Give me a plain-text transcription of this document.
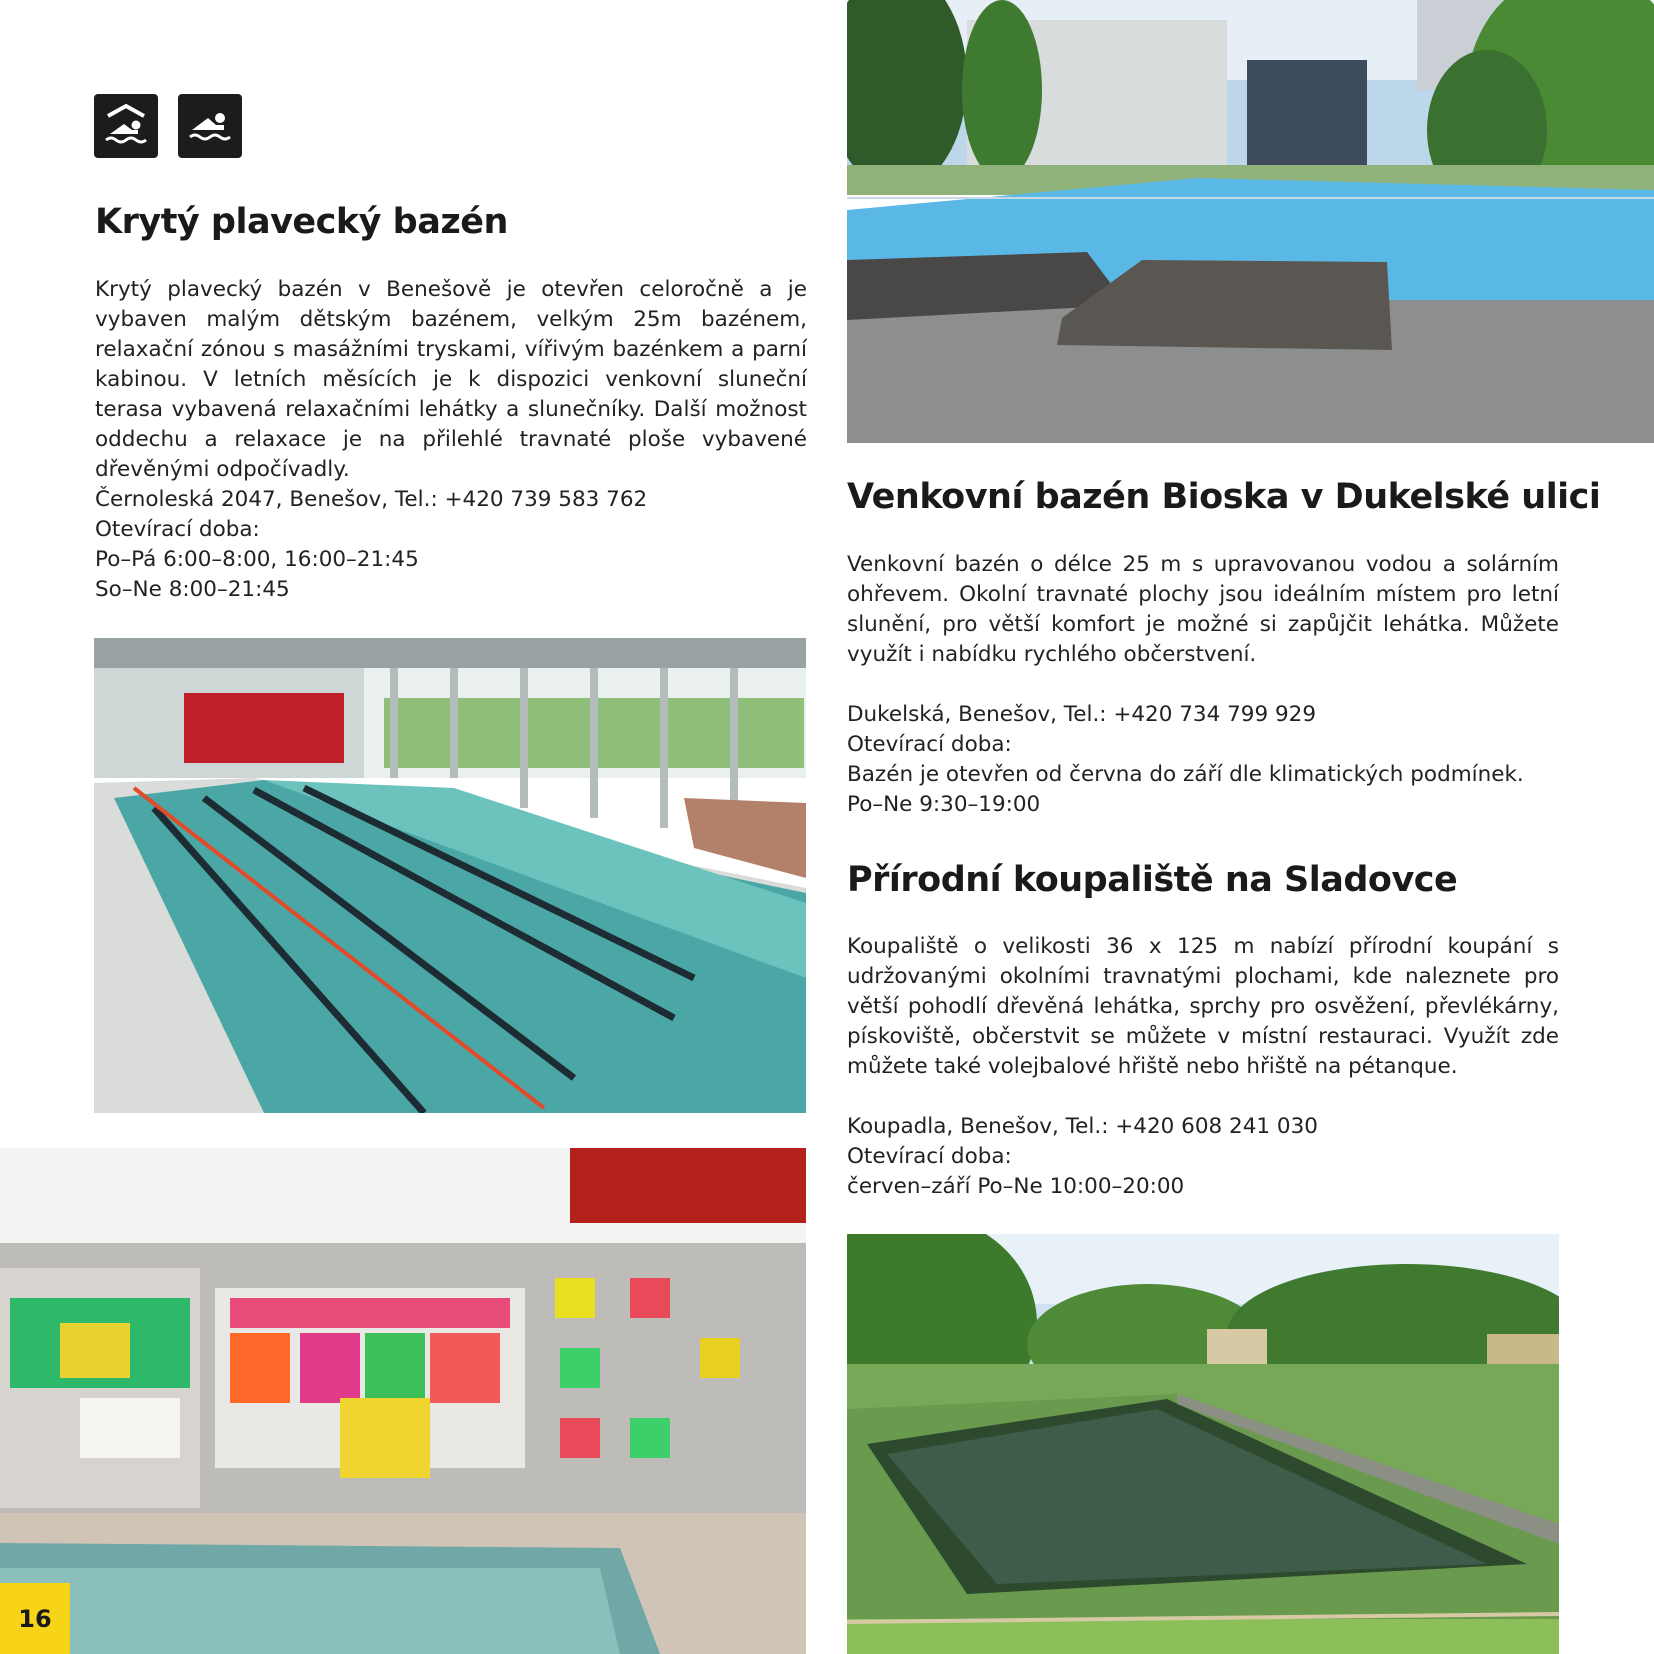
Krytý plavecký bazén

Krytý plavecký bazén v Benešově je otevřen celoročně a je vybaven malým dětským bazénem, velkým 25m bazénem, relaxační zónou s masážními tryskami, vířivým bazénkem a parní kabinou. V letních měsících je k dispozici venkovní sluneční terasa vybavená relaxačními lehátky a slunečníky. Další možnost oddechu a relaxace je na přilehlé travnaté ploše vybavené dřevěnými odpočívadly.

Černoleská 2047, Benešov, Tel.: +420 739 583 762
Otevírací doba:
Po–Pá 6:00–8:00, 16:00–21:45
So–Ne 8:00–21:45
Venkovní bazén Bioska v Dukelské ulici

Venkovní bazén o délce 25 m s upravovanou vodou a solárním ohřevem. Okolní travnaté plochy jsou ideálním místem pro letní slunění, pro větší komfort je možné si zapůjčit lehátka. Můžete využít i nabídku rychlého občerstvení.

Dukelská, Benešov, Tel.: +420 734 799 929
Otevírací doba:
Bazén je otevřen od června do září dle klimatických podmínek.
Po–Ne 9:30–19:00
Přírodní koupaliště na Sladovce

Koupaliště o velikosti 36 x 125 m nabízí přírodní koupání s udržovanými okolními travnatými plochami, kde naleznete pro větší pohodlí dřevěná lehátka, sprchy pro osvěžení, převlékárny, pískoviště, občerstvit se můžete v místní restauraci. Využít zde můžete také volejbalové hřiště nebo hřiště na pétanque.

Koupadla, Benešov, Tel.: +420 608 241 030
Otevírací doba:
červen–září Po–Ne 10:00–20:00
16
